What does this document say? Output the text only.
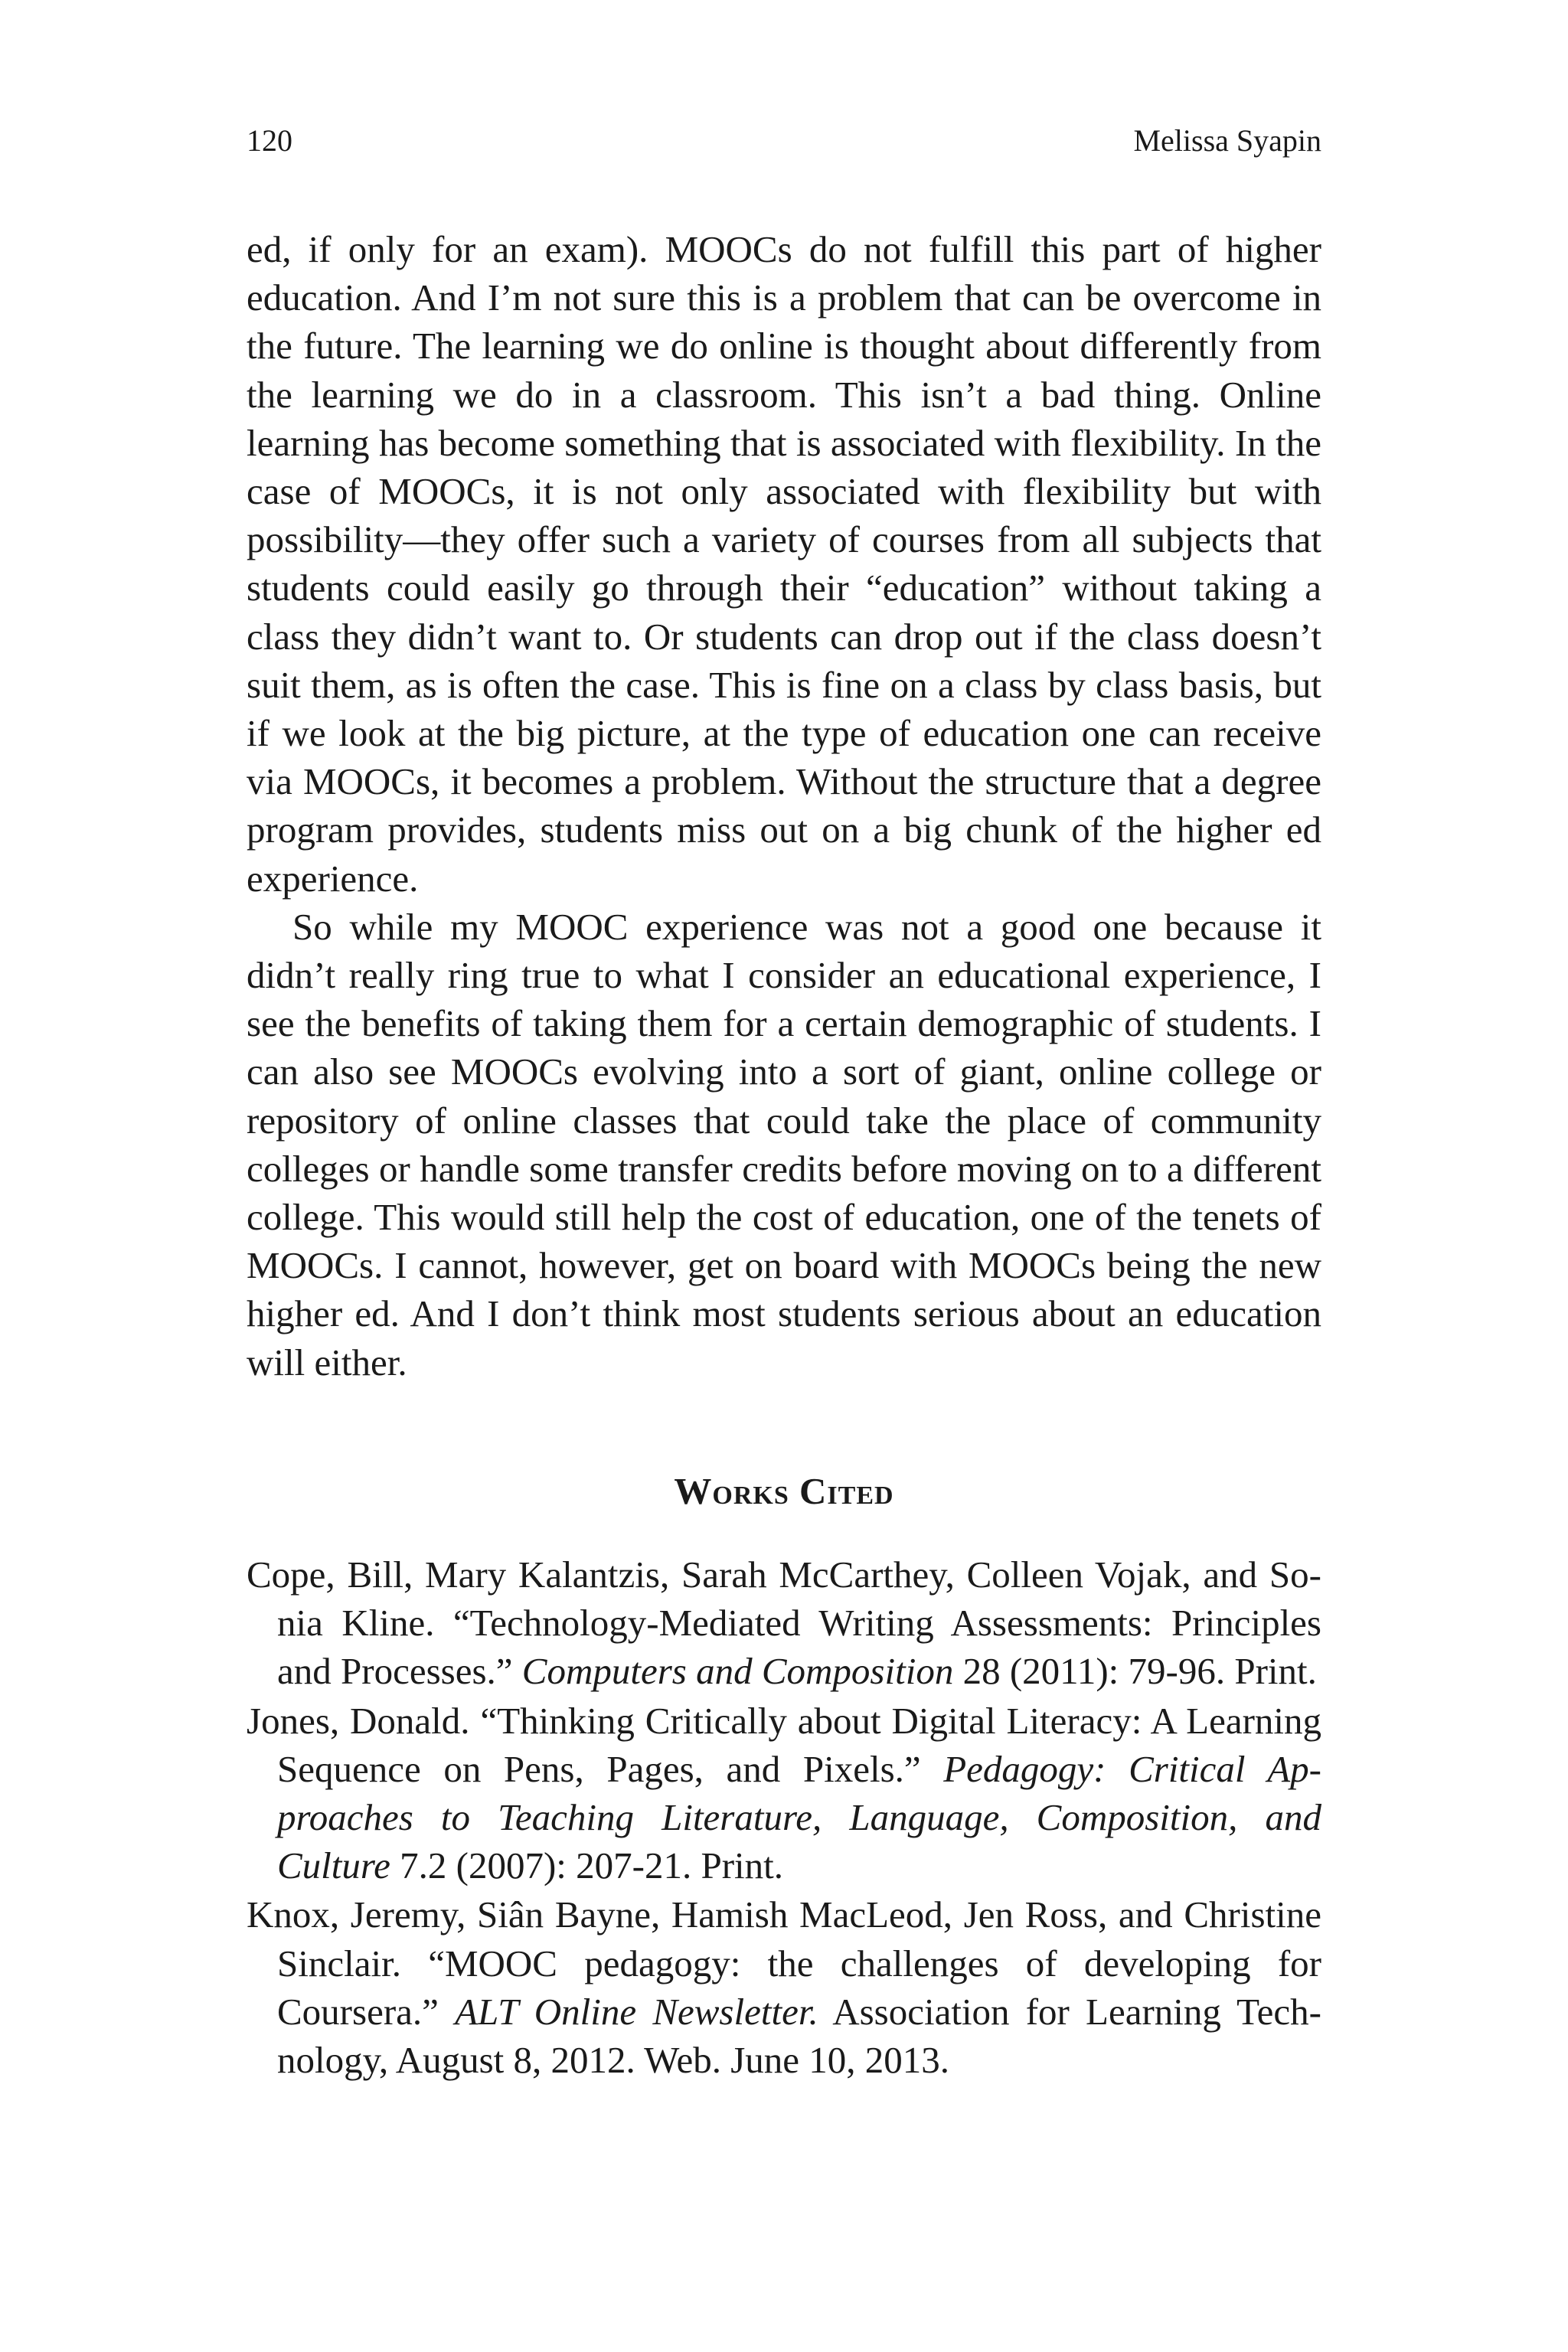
120	Melissa Syapin

ed, if only for an exam). MOOCs do not fulfill this part of higher education. And I’m not sure this is a problem that can be overcome in the future. The learning we do online is thought about differently from the learning we do in a classroom. This isn’t a bad thing. Online learning has become something that is associated with flexibility. In the case of MOOCs, it is not only associated with flexibility but with possibility—they offer such a variety of courses from all subjects that students could easily go through their “education” without taking a class they didn’t want to. Or students can drop out if the class doesn’t suit them, as is often the case. This is fine on a class by class basis, but if we look at the big picture, at the type of education one can receive via MOOCs, it becomes a problem. Without the structure that a degree program provides, students miss out on a big chunk of the higher ed experience.

So while my MOOC experience was not a good one because it didn’t really ring true to what I consider an educational experience, I see the benefits of taking them for a certain demographic of students. I can also see MOOCs evolving into a sort of giant, online college or repository of online classes that could take the place of community colleges or handle some transfer credits before moving on to a different college. This would still help the cost of education, one of the tenets of MOOCs. I cannot, however, get on board with MOOCs being the new higher ed. And I don’t think most students serious about an education will either.

Works Cited
Cope, Bill, Mary Kalantzis, Sarah McCarthey, Colleen Vojak, and Sonia Kline. “Technology-Mediated Writing Assessments: Principles and Processes.” Computers and Composition 28 (2011): 79-96. Print.
Jones, Donald. “Thinking Critically about Digital Literacy: A Learning Sequence on Pens, Pages, and Pixels.” Pedagogy: Critical Approaches to Teaching Literature, Language, Composition, and Culture 7.2 (2007): 207-21. Print.
Knox, Jeremy, Siân Bayne, Hamish MacLeod, Jen Ross, and Christine Sinclair. “MOOC pedagogy: the challenges of developing for Coursera.” ALT Online Newsletter. Association for Learning Technology, August 8, 2012. Web. June 10, 2013.
